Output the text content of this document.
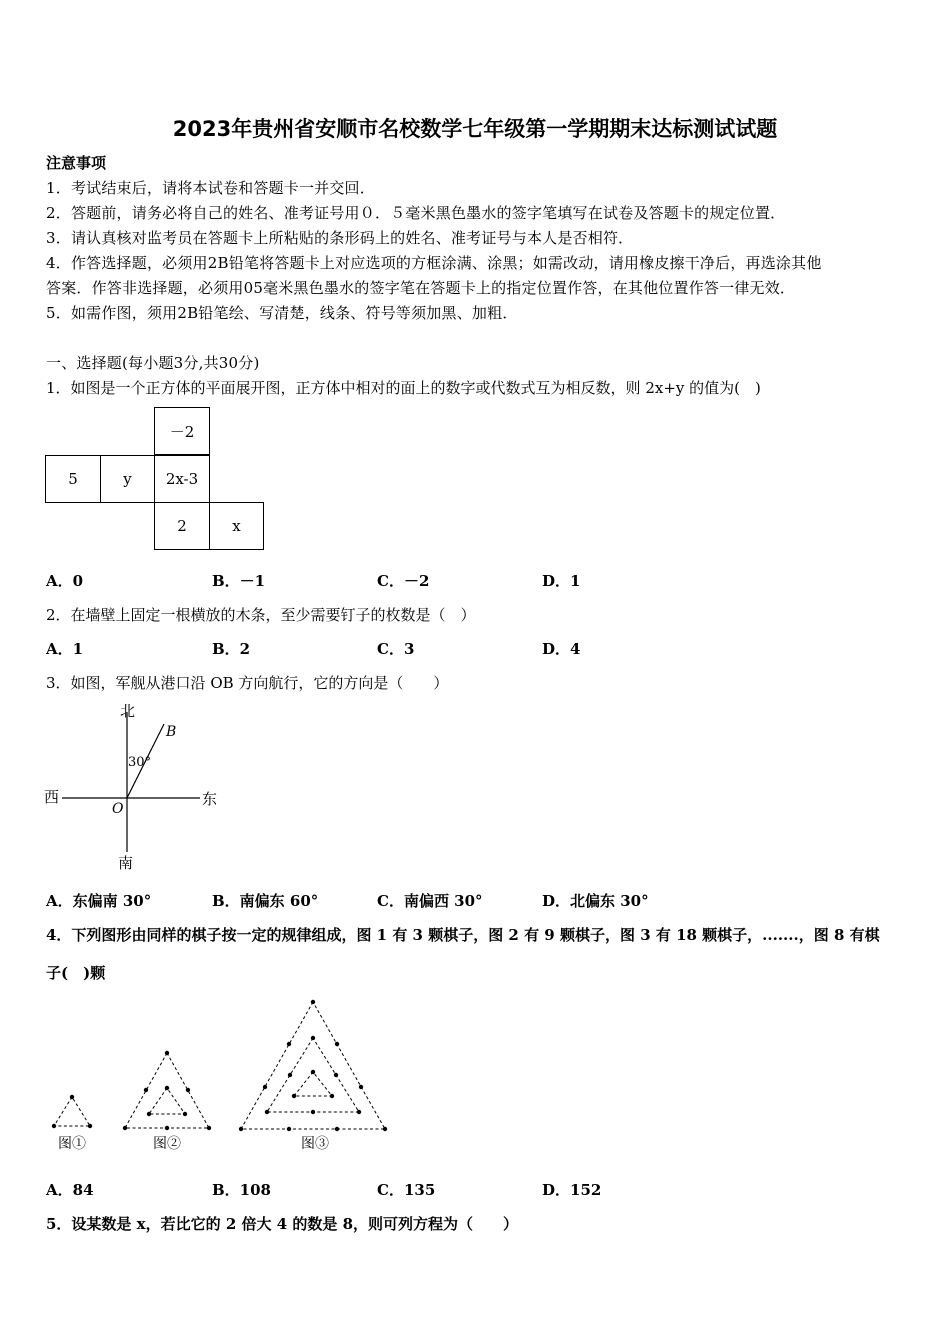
2023年贵州省安顺市名校数学七年级第一学期期末达标测试试题
注意事项
1．考试结束后，请将本试卷和答题卡一并交回．
2．答题前，请务必将自己的姓名、准考证号用０．５毫米黑色墨水的签字笔填写在试卷及答题卡的规定位置．
3．请认真核对监考员在答题卡上所粘贴的条形码上的姓名、准考证号与本人是否相符．
4．作答选择题，必须用2B铅笔将答题卡上对应选项的方框涂满、涂黑；如需改动，请用橡皮擦干净后，再选涂其他
答案．作答非选择题，必须用05毫米黑色墨水的签字笔在答题卡上的指定位置作答，在其他位置作答一律无效．
5．如需作图，须用2B铅笔绘、写清楚，线条、符号等须加黑、加粗．
一、选择题(每小题3分,共30分)
1．如图是一个正方体的平面展开图，正方体中相对的面上的数字或代数式互为相反数，则 2x+y 的值为(　)
－2
5	y	2x-3
2	x
A．0	B．－1	C．－2	D．1
2．在墙壁上固定一根横放的木条，至少需要钉子的枚数是（　）
A．1	B．2	C．3	D．4
3．如图，军舰从港口沿 OB 方向航行，它的方向是（　　）
北
南
西	东
O
B
30°
A．东偏南 30°	B．南偏东 60°	C．南偏西 30°	D．北偏东 30°
4．下列图形由同样的棋子按一定的规律组成，图 1 有 3 颗棋子，图 2 有 9 颗棋子，图 3 有 18 颗棋子，.......，图 8 有棋
子(　)颗
图①	图②	图③
A．84	B．108	C．135	D．152
5．设某数是 x，若比它的 2 倍大 4 的数是 8，则可列方程为（　　）
